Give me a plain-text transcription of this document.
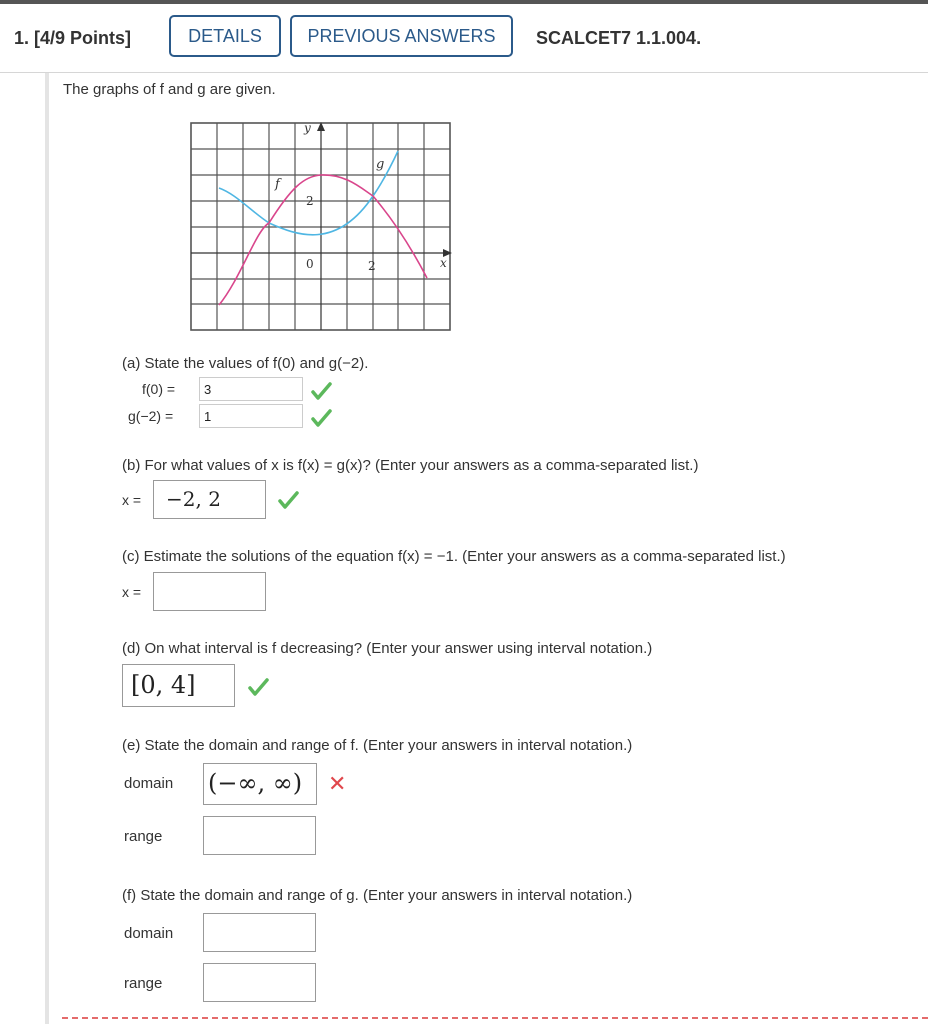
1. [4/9 Points]	DETAILS	PREVIOUS ANSWERS	SCALCET7 1.1.004.
The graphs of f and g are given.
y
x
f
g
2
0	2
(a) State the values of f(0) and g(−2).
f(0) =	3
g(−2) =	1
(b) For what values of x is f(x) = g(x)? (Enter your answers as a comma-separated list.)
x =	−2, 2
(c) Estimate the solutions of the equation f(x) = −1. (Enter your answers as a comma-separated list.)
x =
(d) On what interval is f decreasing? (Enter your answer using interval notation.)
[0, 4]
(e) State the domain and range of f. (Enter your answers in interval notation.)
domain (−∞, ∞)	✕
range
(f) State the domain and range of g. (Enter your answers in interval notation.)
domain
range
